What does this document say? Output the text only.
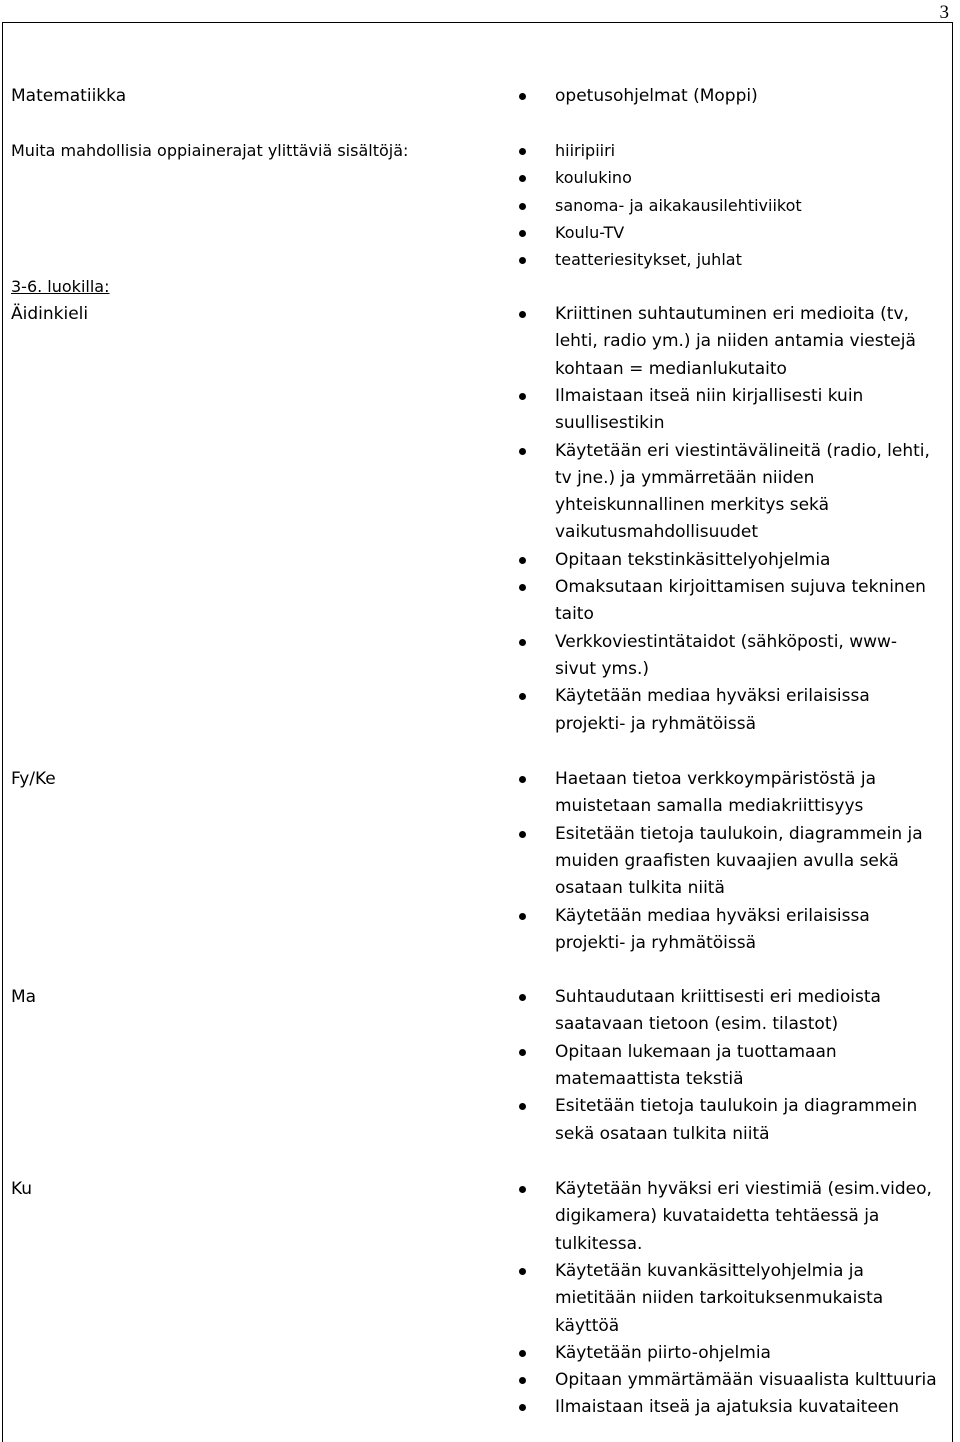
3
Matematiikka
Muita mahdollisia oppiainerajat ylittäviä sisältöjä:
3-6. luokilla:
Äidinkieli
Fy/Ke
Ma
Ku
opetusohjelmat (Moppi)
hiiripiiri
koulukino
sanoma- ja aikakausilehtiviikot
Koulu-TV
teatteriesitykset, juhlat
Kriittinen suhtautuminen eri medioita (tv,
lehti, radio ym.) ja niiden antamia viestejä
kohtaan = medianlukutaito
Ilmaistaan itseä niin kirjallisesti kuin
suullisestikin
Käytetään eri viestintävälineitä (radio, lehti,
tv jne.) ja ymmärretään niiden
yhteiskunnallinen merkitys sekä
vaikutusmahdollisuudet
Opitaan tekstinkäsittelyohjelmia
Omaksutaan kirjoittamisen sujuva tekninen
taito
Verkkoviestintätaidot (sähköposti, www-
sivut yms.)
Käytetään mediaa hyväksi erilaisissa
projekti- ja ryhmätöissä
Haetaan tietoa verkkoympäristöstä ja
muistetaan samalla mediakriittisyys
Esitetään tietoja taulukoin, diagrammein ja
muiden graafisten kuvaajien avulla sekä
osataan tulkita niitä
Käytetään mediaa hyväksi erilaisissa
projekti- ja ryhmätöissä
Suhtaudutaan kriittisesti eri medioista
saatavaan tietoon (esim. tilastot)
Opitaan lukemaan ja tuottamaan
matemaattista tekstiä
Esitetään tietoja taulukoin ja diagrammein
sekä osataan tulkita niitä
Käytetään hyväksi eri viestimiä (esim.video,
digikamera) kuvataidetta tehtäessä ja
tulkitessa.
Käytetään kuvankäsittelyohjelmia ja
mietitään niiden tarkoituksenmukaista
käyttöä
Käytetään piirto-ohjelmia
Opitaan ymmärtämään visuaalista kulttuuria
Ilmaistaan itseä ja ajatuksia kuvataiteen
